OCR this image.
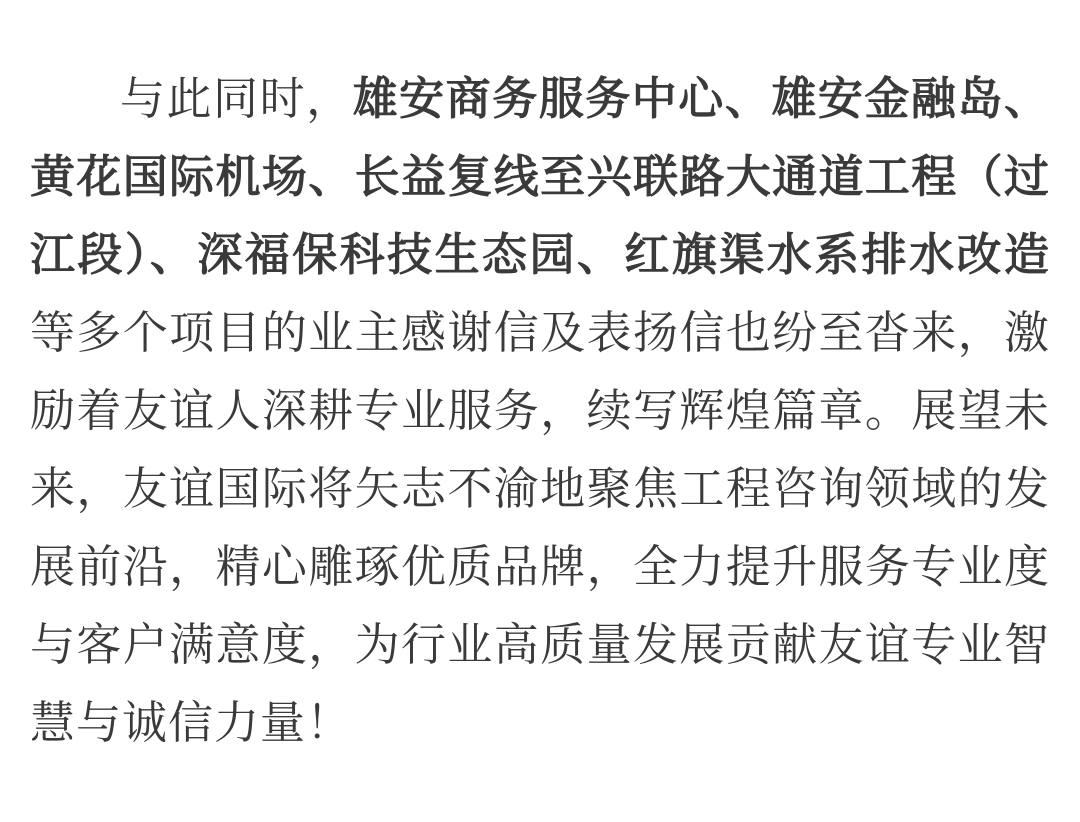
与此同时，雄安商务服务中心、雄安金融岛、黄花国际机场、长益复线至兴联路大通道工程（过江段）、深福保科技生态园、红旗渠水系排水改造等多个项目的业主感谢信及表扬信也纷至沓来，激励着友谊人深耕专业服务，续写辉煌篇章。展望未来，友谊国际将矢志不渝地聚焦工程咨询领域的发展前沿，精心雕琢优质品牌，全力提升服务专业度与客户满意度，为行业高质量发展贡献友谊专业智慧与诚信力量！
